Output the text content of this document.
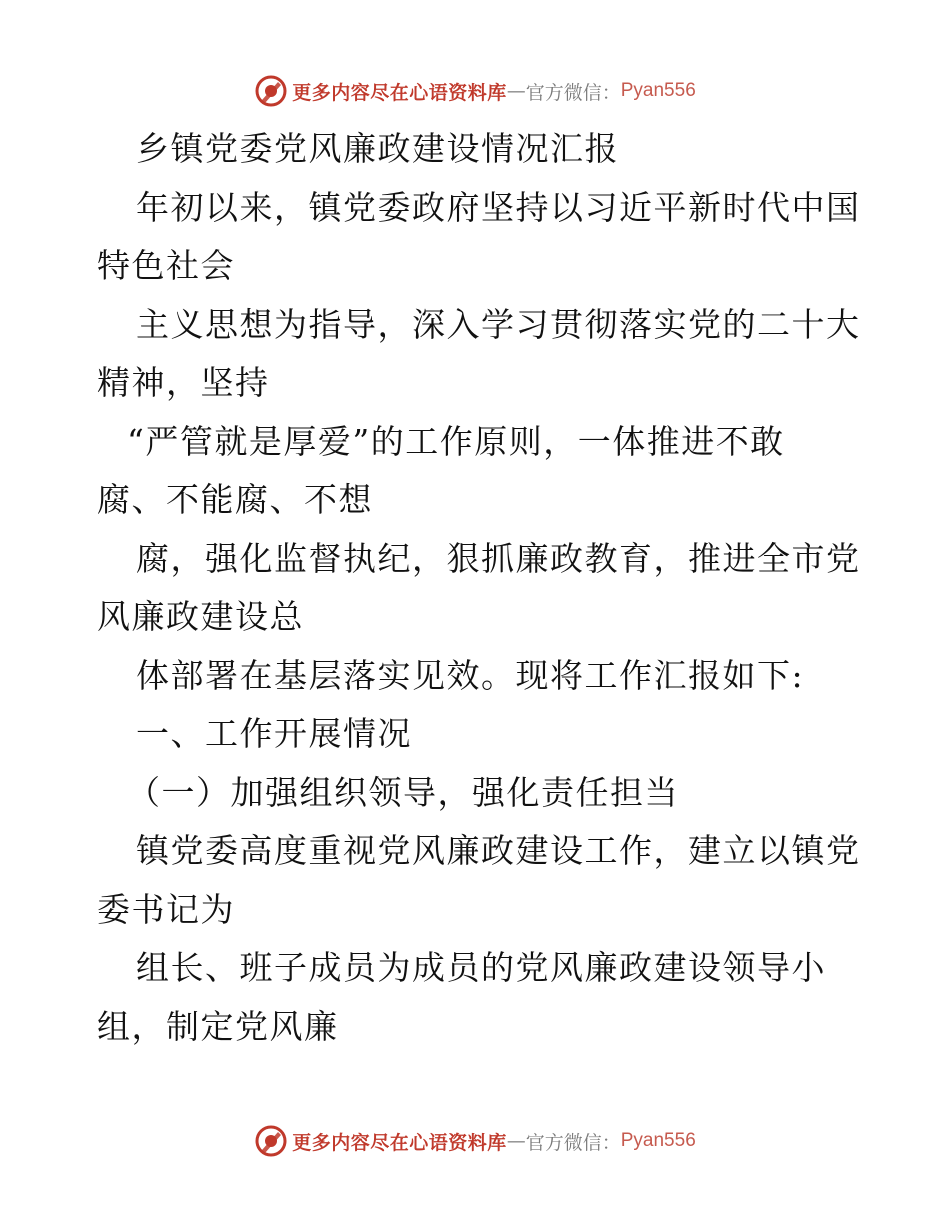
更多内容尽在心语资料库 — 官方微信： Pyan556
乡镇党委党风廉政建设情况汇报
年初以来，镇党委政府坚持以习近平新时代中国
特色社会
主义思想为指导，深入学习贯彻落实党的二十大
精神，坚持
“严管就是厚爱”的工作原则，一体推进不敢
腐、不能腐、不想
腐，强化监督执纪，狠抓廉政教育，推进全市党
风廉政建设总
体部署在基层落实见效。现将工作汇报如下:
一、工作开展情况
（一）加强组织领导，强化责任担当
镇党委高度重视党风廉政建设工作，建立以镇党
委书记为
组长、班子成员为成员的党风廉政建设领导小
组，制定党风廉
更多内容尽在心语资料库 — 官方微信： Pyan556
